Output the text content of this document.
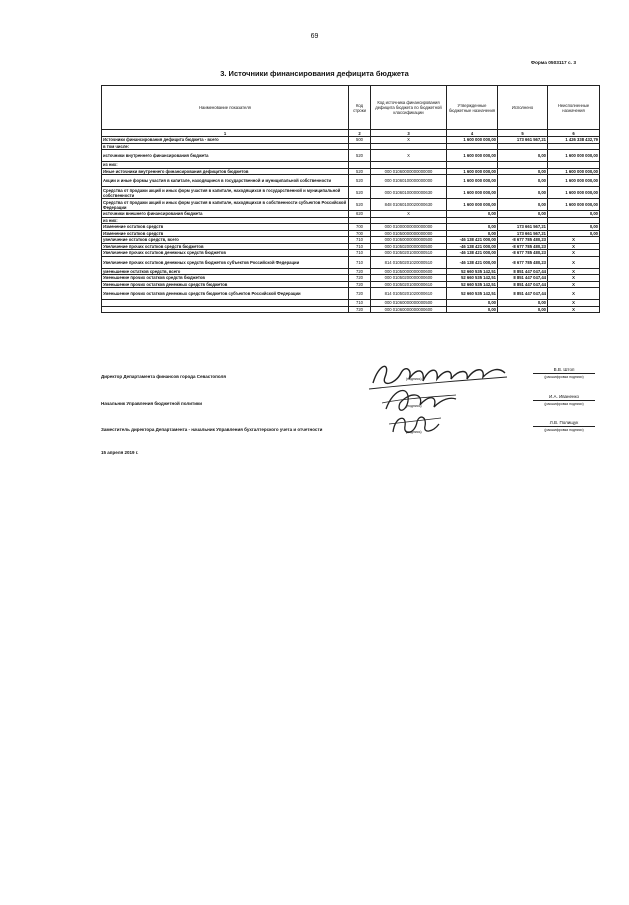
69
Форма 0503117 с. 3
3. Источники финансирования дефицита бюджета
Наименование показателя	Код строки	Код источника финансирования дефицита бюджета по бюджетной классификации	Утвержденные бюджетные назначения	Исполнено	Неисполненные назначения
1	2	3	4	5	6
Источники финансирования дефицита бюджета - всего	500	X	1 600 000 000,00	173 661 567,21	1 426 338 432,79
в том числе:					
источники внутреннего финансирования бюджета	520	X	1 600 000 000,00	0,00	1 600 000 000,00
из них:					
Иные источники внутреннего финансирования дефицитов бюджетов	520	000 01060000000000000	1 600 000 000,00	0,00	1 600 000 000,00
Акции и иные формы участия в капитале, находящиеся в государственной и муниципальной собственности	520	000 01060100000000000	1 600 000 000,00	0,00	1 600 000 000,00
Средства от продажи акций и иных форм участия в капитале, находящихся в государственной и муниципальной собственности	520	000 01060100000000630	1 600 000 000,00	0,00	1 600 000 000,00
Средства от продажи акций и иных форм участия в капитале, находящихся в собственности субъектов Российской Федерации	520	848 01060100020000630	1 600 000 000,00	0,00	1 600 000 000,00
источники внешнего финансирования бюджета	620	X	0,00	0,00	0,00
из них:					
Изменение остатков средств	700	000 01000000000000000	0,00	173 661 567,21	0,00
Изменение остатков средств	700	000 01050000000000000	0,00	173 661 567,21	0,00
увеличение остатков средств, всего	710	000 01050000000000500	-46 138 421 000,00	-8 677 785 480,23	X
Увеличение прочих остатков средств бюджетов	710	000 01050200000000500	-46 138 421 000,00	-8 677 785 480,23	X
Увеличение прочих остатков денежных средств бюджетов	710	000 01050201000000510	-46 138 421 000,00	-8 677 785 480,23	X
Увеличение прочих остатков денежных средств бюджетов субъектов Российской Федерации	710	814 01050201020000510	-46 138 421 000,00	-8 677 785 480,23	X
уменьшение остатков средств, всего	720	000 01050000000000600	52 660 535 142,51	8 851 447 047,44	X
Уменьшение прочих остатков средств бюджетов	720	000 01050200000000600	52 660 535 142,51	8 851 447 047,44	X
Уменьшение прочих остатков денежных средств бюджетов	720	000 01050201000000610	52 660 535 142,51	8 851 447 047,44	X
Уменьшение прочих остатков денежных средств бюджетов субъектов Российской Федерации	720	814 01050201020000610	52 660 535 142,51	8 851 447 047,44	X
	710	000 01060000000000500	0,00	0,00	X
	720	000 01060000000000600	0,00	0,00	X
Директор Департамента финансов города Севастополя
В.В. Штоп
(расшифровка подписи)
(подпись)
Начальник Управления бюджетной политики
И.А. Иваненко
(расшифровка подписи)
(подпись)
Заместитель директора Департамента - начальник Управления бухгалтерского учета и отчетности
Л.В. Полищук
(расшифровка подписи)
(подпись)
15 апреля 2019 г.
